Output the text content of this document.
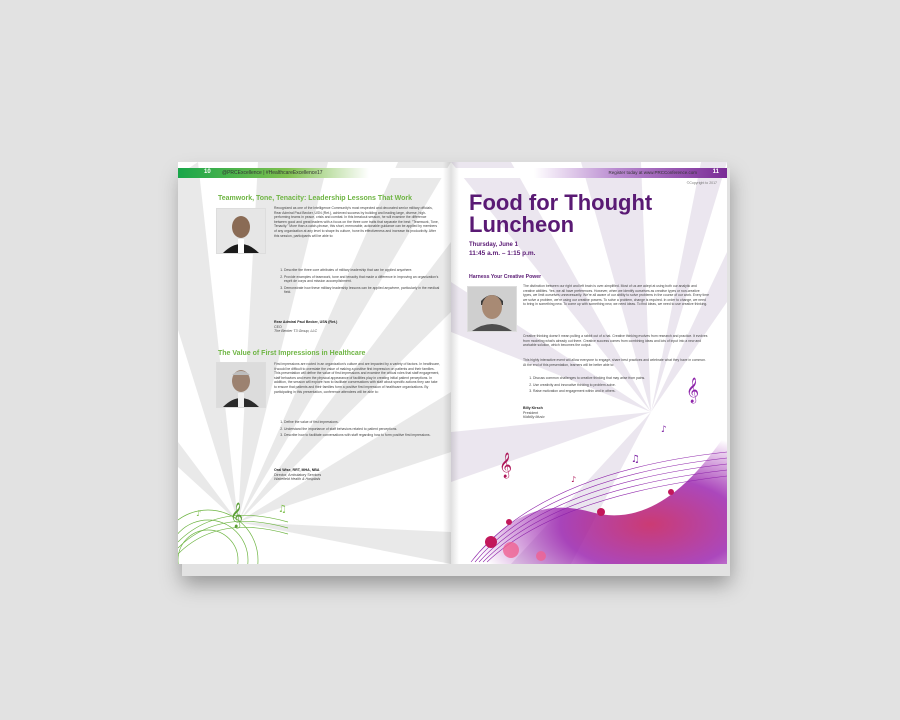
10 @PRCExcellence | #HealthcareExcellence17
Teamwork, Tone, Tenacity: Leadership Lessons That Work
Recognized as one of the Intelligence Community's most respected and decorated senior military officials, Rear Admiral Paul Becker, USN (Ret.), achieved success by building and leading large, diverse, high-performing teams in peace, crisis and combat. In this breakout session, he will examine the difference between good and great leaders with a focus on the three core traits that separate the best: "Teamwork, Tone, Tenacity." More than a catch-phrase, this short, memorable, actionable guidance can be applied by members of any organization at any level to shape its culture, hone its effectiveness and increase its productivity. After this session, participants will be able to:
1. Describe the three core attributes of military leadership that can be applied anywhere.
2. Provide examples of teamwork, tone and tenacity that made a difference in improving an organization's esprit de corps and mission accomplishment.
3. Demonstrate how these military leadership lessons can be applied anywhere, particularly in the medical field.
Rear Admiral Paul Becker, USN (Ret.)
CEO
The Becker T3 Group, LLC
The Value of First Impressions in Healthcare
First impressions are rooted in an organization's culture and are impacted by a variety of factors. In healthcare, it would be difficult to overstate the value of making a positive first impression on patients and their families. This presentation will define the value of first impressions and examine the critical roles that staff engagement, staff behaviors and even the physical appearance of facilities play in creating initial patient perceptions. In addition, the session will explore how to facilitate conversations with staff about specific actions they can take to ensure that patients and their families form a positive first impression of healthcare organizations. By participating in this presentation, conference attendees will be able to:
1. Define the value of first impressions.
2. Understand the importance of staff behaviors related to patient perceptions.
3. Describe how to facilitate conversations with staff regarding how to form positive first impressions.
Oral Wise, RRT, MHA, NBA
Director, Ambulatory Services
Wakefield Health & Hospitals
𝄞	♫
♪
Register today at www.PRCConference.com	11
©Copyright to 2017
Food for Thought Luncheon
Thursday, June 1
11:45 a.m. – 1:15 p.m.
Harness Your Creative Power
The distinction between our right and left brain is over-simplified. Most of us are adept at using both our analytic and creative abilities. Yes, we all have preferences. However, when we identify ourselves as creative types or non-creative types, we limit ourselves unnecessarily. We're all aware of our ability to solve problems in the course of our work. Every time we solve a problem, we're using our creative powers. To solve a problem, change is required. In order to change, we need to bring in something new. To come up with something new, we need ideas. To find ideas, we need to use creative thinking.
Creative thinking doesn't mean pulling a rabbit out of a hat. Creative thinking evolves from research and practice. It evolves from modeling what's already out there. Creative success comes from combining ideas and lots of input into a new and workable solution, which becomes the output.
This highly interactive event will allow everyone to engage, share best practices and celebrate what they have in common. At the end of this presentation, learners will be better able to:
1. Discuss common challenges to creative thinking that may arise from pains.
2. Use creativity and innovative thinking to problem-solve.
3. Raise motivation and engagement within and in others.
Billy Kirsch
President
Kidbilly Music
𝄞
𝄞
♫
♪
♪
